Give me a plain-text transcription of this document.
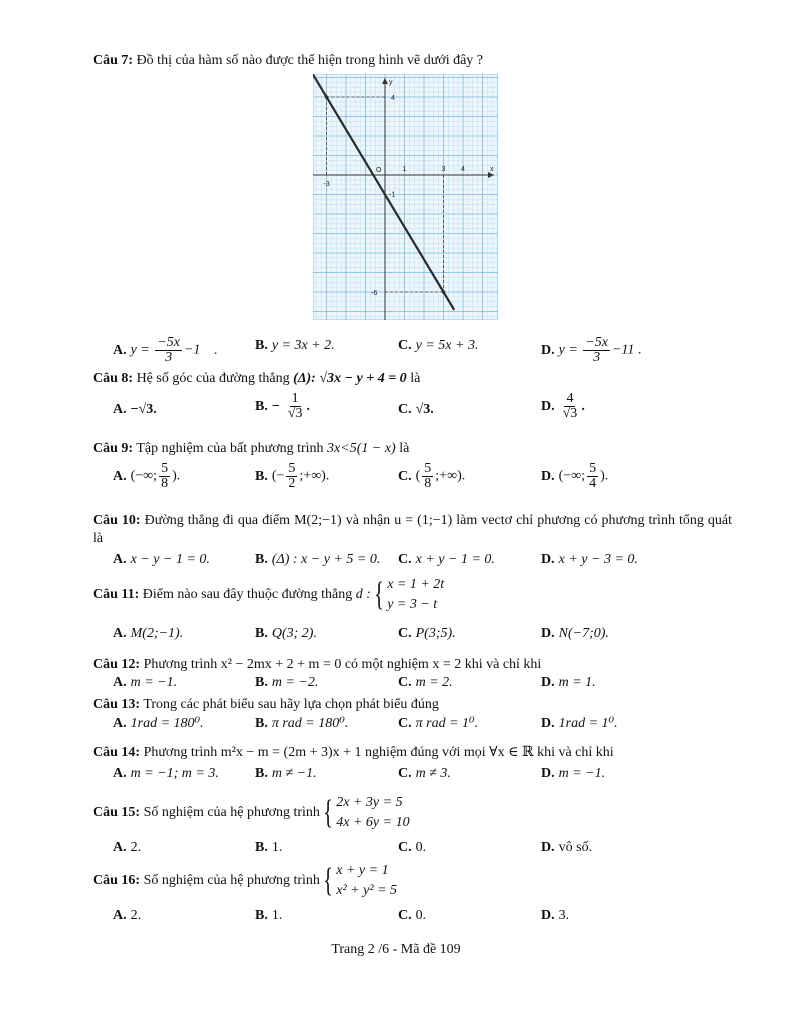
Câu 7: Đồ thị của hàm số nào được thể hiện trong hình vẽ dưới đây ?
y
x
O
4
1	3 4
-3
-1
-6
A. $y = \frac{-5x}{3} -1$ .	B. y = 3x + 2.	C. y = 5x + 3.	D. $y = \frac{-5x}{3} -11$ .
Câu 8: Hệ số góc của đường thẳng (Δ): √3x − y + 4 = 0 là
A. −√3.	B. − $\frac{1}{√3}$ .	C. √3.	D. $\frac{4}{√3}$ .
Câu 9: Tập nghiệm của bất phương trình 3x<5(1 − x) là
A. (−∞; $\frac{5}{8}$ ).	B. (− $\frac{5}{2}$ ;+∞).	C. ( $\frac{5}{8}$ ;+∞).	D. (−∞; $\frac{5}{4}$ ).
Câu 10: Đường thẳng đi qua điểm M(2;−1) và nhận u = (1;−1) làm vectơ chỉ phương có phương trình tổng quát là
A. x − y − 1 = 0.	B. (Δ) : x − y + 5 = 0. C. x + y − 1 = 0.	D. x + y − 3 = 0.
Câu 11: Điểm nào sau đây thuộc đường thẳng d : { x = 1 + 2t
y = 3 − t
A. M(2;−1).	B. Q(3; 2).	C. P(3;5).	D. N(−7;0).
Câu 12: Phương trình x² − 2mx + 2 + m = 0 có một nghiệm x = 2 khi và chỉ khi
A. m = −1.	B. m = −2.	C. m = 2.	D. m = 1.
Câu 13: Trong các phát biểu sau hãy lựa chọn phát biểu đúng
A. 1rad = 180⁰.	B. π rad = 180⁰.	C. π rad = 1⁰.	D. 1rad = 1⁰.
Câu 14: Phương trình m²x − m = (2m + 3)x + 1 nghiệm đúng với mọi ∀x ∈ ℝ khi và chỉ khi
A. m = −1; m = 3.	B. m ≠ −1.	C. m ≠ 3.	D. m = −1.
Câu 15: Số nghiệm của hệ phương trình { 2x + 3y = 5
4x + 6y = 10
A. 2.	B. 1.	C. 0.	D. vô số.
Câu 16: Số nghiệm của hệ phương trình { x + y = 1
x² + y² = 5
A. 2.	B. 1.	C. 0.	D. 3.
Trang 2 /6 - Mã đề 109
